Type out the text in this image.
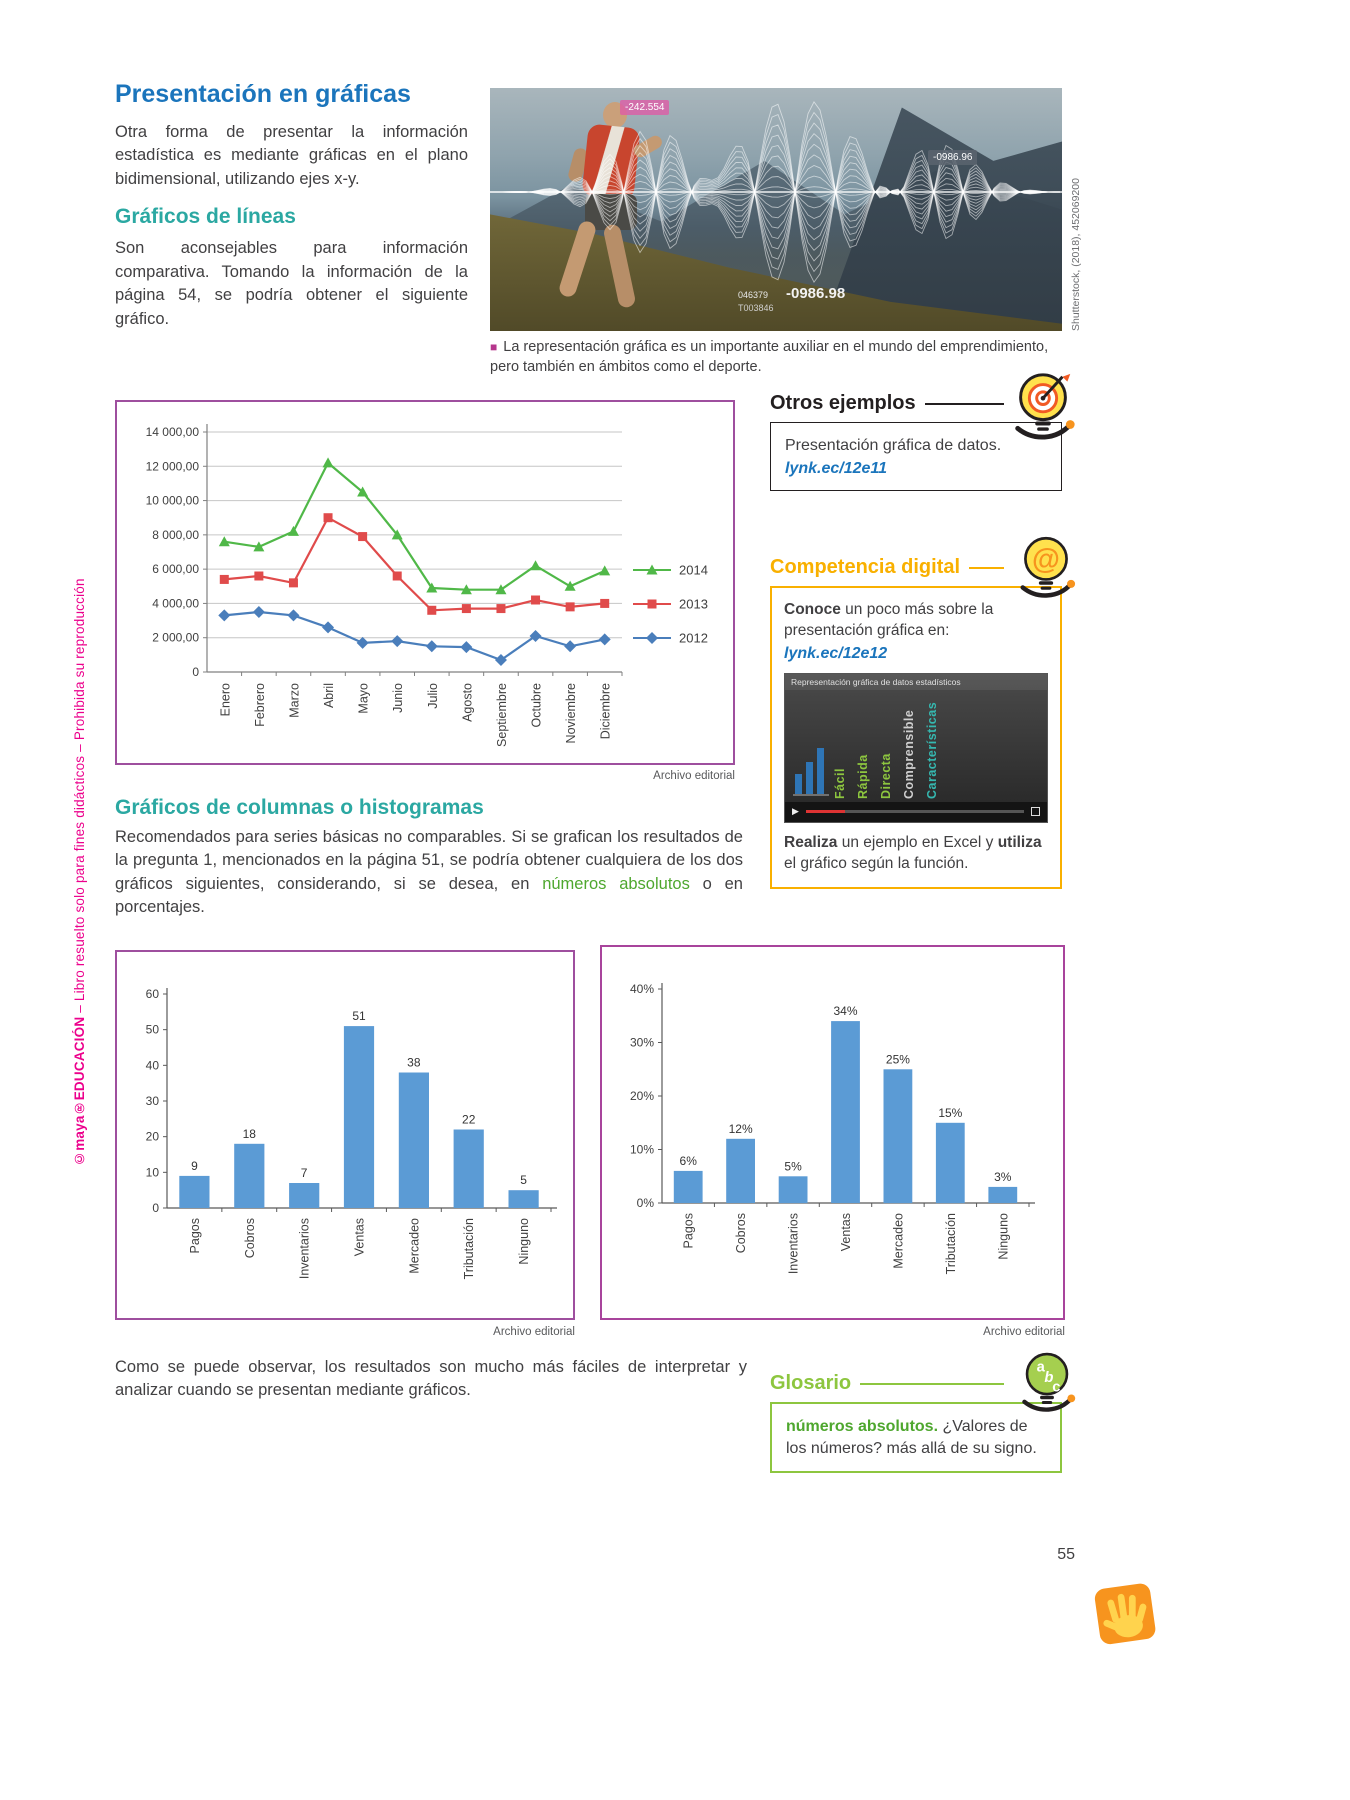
©maya®EDUCACIÓN – Libro resuelto solo para fines didácticos – Prohibida su reproducción
Presentación en gráficas

Otra forma de presentar la información estadística es mediante gráficas en el plano bidimensional, utilizando ejes x-y.

Gráficos de líneas

Son aconsejables para información comparativa. Tomando la información de la página 54, se podría obtener el siguiente gráfico.

-242.554
-0986.96
046379 -0986.98
T003846	Shutterstock, (2018), 452069200

■ La representación gráfica es un importante auxiliar en el mundo del emprendimiento, pero también en ámbitos como el deporte.

0
2 000,00
4 000,00
6 000,00
8 000,00
10 000,00
12 000,00
14 000,00
Enero Febrero Marzo Abril Mayo Junio Julio Agosto Septiembre Octubre Noviembre Diciembre
2014
2013
2012
Archivo editorial
Otros ejemplos

Presentación gráfica de datos.

lynk.ec/12e11
@
Competencia digital

Conoce un poco más sobre la presentación gráfica en:

lynk.ec/12e12
Representación gráfica de datos estadísticos
Fácil Rápida Directa Comprensible Características
▶

Realiza un ejemplo en Excel y utiliza el gráfico según la función.

Gráficos de columnas o histogramas

Recomendados para series básicas no comparables. Si se grafican los resultados de la pregunta 1, mencionados en la página 51, se podría obtener cualquiera de los dos gráficos siguientes, considerando, si se desea, en números absolutos o en porcentajes.

0
10
20
30
40
50
60
9
Pagos
18
Cobros
7
Inventarios
51
Ventas
38
Mercadeo
22
Tributación
5
Ninguno
0%
10%
20%
30%
40%
6%
Pagos
12%
Cobros
5%
Inventarios
34%
Ventas
25%
Mercadeo
15%
Tributación
3%
Ninguno
Archivo editorial	Archivo editorial

Como se puede observar, los resultados son mucho más fáciles de interpretar y analizar cuando se presentan mediante gráficos.

a
b
c
Glosario

números absolutos. ¿Valores de los números? más allá de su signo.

55
